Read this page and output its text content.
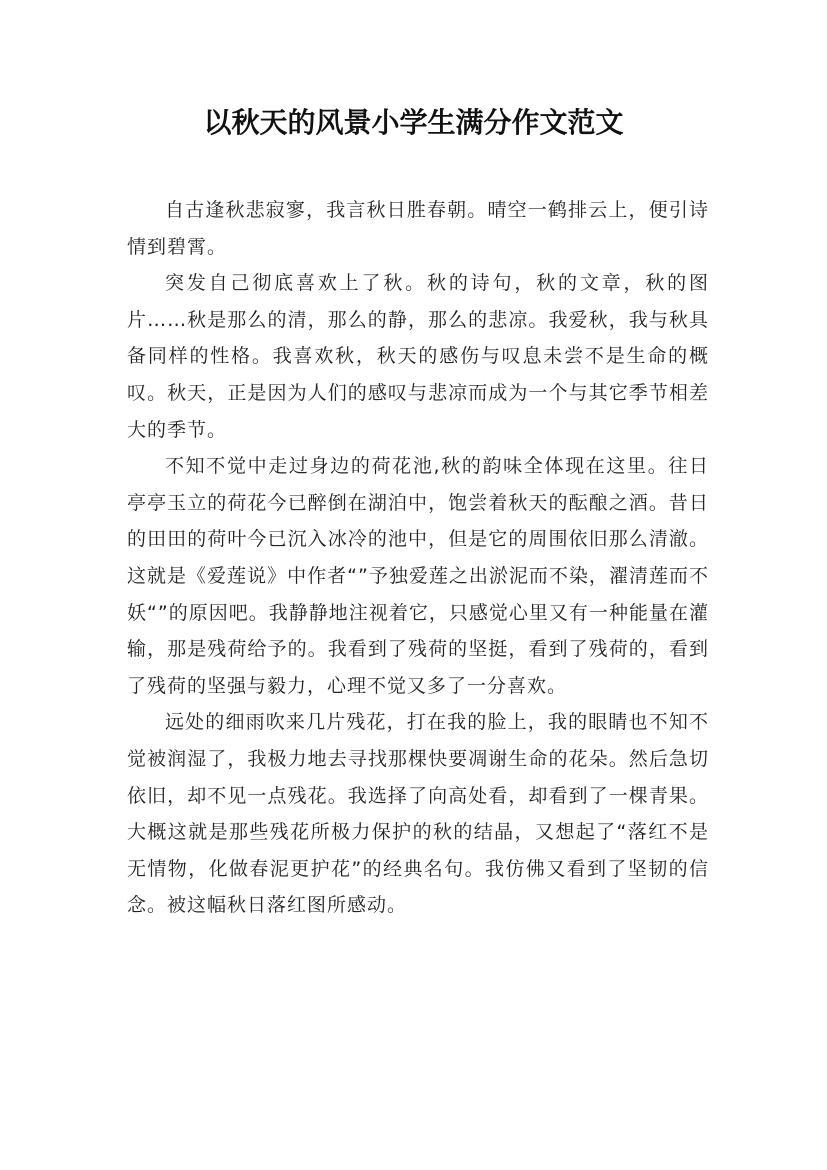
以秋天的风景小学生满分作文范文

自古逢秋悲寂寥，我言秋日胜春朝。晴空一鹤排云上，便引诗情到碧霄。

突发自己彻底喜欢上了秋。秋的诗句，秋的文章，秋的图片……秋是那么的清，那么的静，那么的悲凉。我爱秋，我与秋具备同样的性格。我喜欢秋，秋天的感伤与叹息未尝不是生命的概叹。秋天，正是因为人们的感叹与悲凉而成为一个与其它季节相差大的季节。

不知不觉中走过身边的荷花池,秋的韵味全体现在这里。往日亭亭玉立的荷花今已醉倒在湖泊中，饱尝着秋天的酝酿之酒。昔日的田田的荷叶今已沉入冰冷的池中，但是它的周围依旧那么清澈。这就是《爱莲说》中作者“”予独爱莲之出淤泥而不染，濯清莲而不妖“”的原因吧。我静静地注视着它，只感觉心里又有一种能量在灌输，那是残荷给予的。我看到了残荷的坚挺，看到了残荷的，看到了残荷的坚强与毅力，心理不觉又多了一分喜欢。

远处的细雨吹来几片残花，打在我的脸上，我的眼睛也不知不觉被润湿了，我极力地去寻找那棵快要凋谢生命的花朵。然后急切依旧，却不见一点残花。我选择了向高处看，却看到了一棵青果。大概这就是那些残花所极力保护的秋的结晶，又想起了“落红不是无情物，化做春泥更护花”的经典名句。我仿佛又看到了坚韧的信念。被这幅秋日落红图所感动。
